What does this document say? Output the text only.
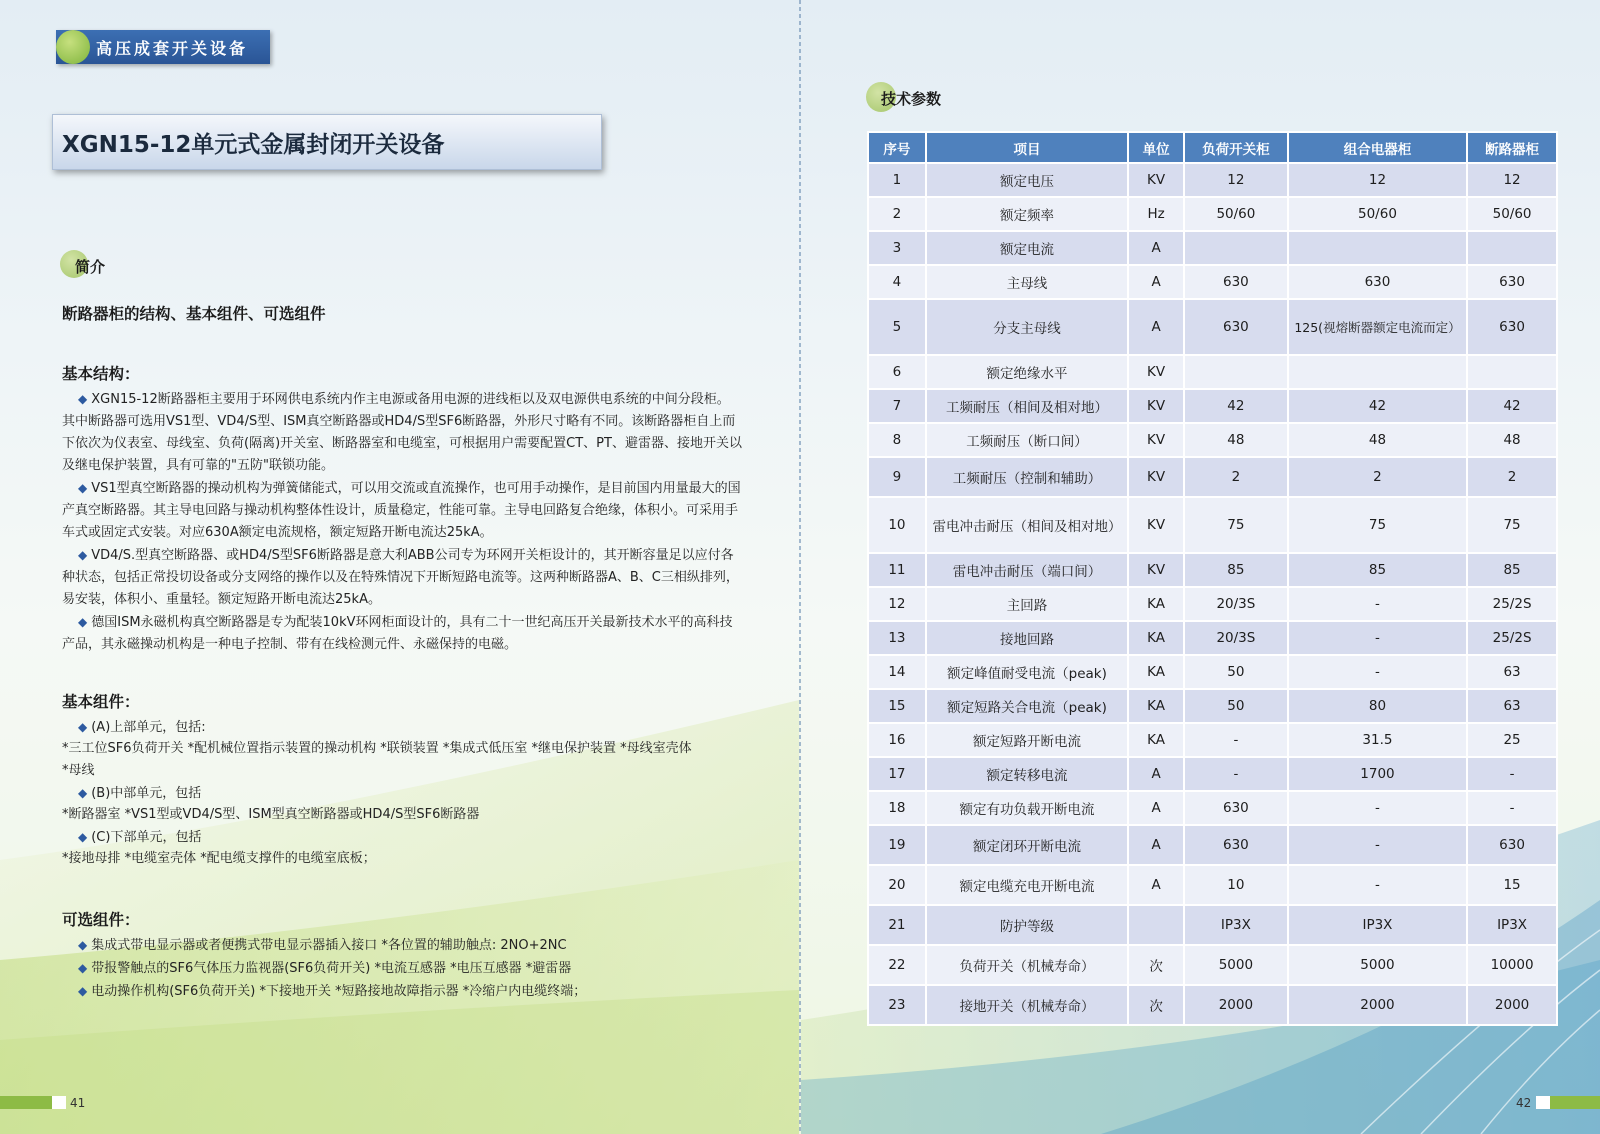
高压成套开关设备
XGN15-12单元式金属封闭开关设备
简介
断路器柜的结构、基本组件、可选组件
基本结构：

◆ XGN15-12断路器柜主要用于环网供电系统内作主电源或备用电源的进线柜以及双电源供电系统的中间分段柜。其中断路器可选用VS1型、VD4/S型、ISM真空断路器或HD4/S型SF6断路器，外形尺寸略有不同。该断路器柜自上而下依次为仪表室、母线室、负荷(隔离)开关室、断路器室和电缆室，可根据用户需要配置CT、PT、避雷器、接地开关以及继电保护装置，具有可靠的"五防"联锁功能。

◆ VS1型真空断路器的操动机构为弹簧储能式，可以用交流或直流操作，也可用手动操作，是目前国内用量最大的国产真空断路器。其主导电回路与操动机构整体性设计，质量稳定，性能可靠。主导电回路复合绝缘，体积小。可采用手车式或固定式安装。对应630A额定电流规格，额定短路开断电流达25kA。

◆ VD4/S.型真空断路器、或HD4/S型SF6断路器是意大利ABB公司专为环网开关柜设计的，其开断容量足以应付各种状态，包括正常投切设备或分支网络的操作以及在特殊情况下开断短路电流等。这两种断路器A、B、C三相纵排列，易安装，体积小、重量轻。额定短路开断电流达25kA。

◆ 德国ISM永磁机构真空断路器是专为配装10kV环网柜面设计的，具有二十一世纪高压开关最新技术水平的高科技产品，其永磁操动机构是一种电子控制、带有在线检测元件、永磁保持的电磁。

基本组件：
◆ (A)上部单元，包括:
*三工位SF6负荷开关 *配机械位置指示装置的操动机构 *联锁装置 *集成式低压室 *继电保护装置 *母线室壳体
*母线
◆ (B)中部单元，包括
*断路器室 *VS1型或VD4/S型、ISM型真空断路器或HD4/S型SF6断路器
◆ (C)下部单元，包括
*接地母排 *电缆室壳体 *配电缆支撑件的电缆室底板；
可选组件：
◆ 集成式带电显示器或者便携式带电显示器插入接口 *各位置的辅助触点: 2NO+2NC
◆ 带报警触点的SF6气体压力监视器(SF6负荷开关) *电流互感器 *电压互感器 *避雷器
◆ 电动操作机构(SF6负荷开关) *下接地开关 *短路接地故障指示器 *冷缩户内电缆终端；
41
技术参数
42
序号	项目	单位	负荷开关柜	组合电器柜	断路器柜
1	额定电压	KV	12	12	12
2	额定频率	Hz	50/60	50/60	50/60
3	额定电流	A			
4	主母线	A	630	630	630
5	分支主母线	A	630	125(视熔断器额定电流而定）	630
6	额定绝缘水平	KV			
7	工频耐压（相间及相对地）	KV	42	42	42
8	工频耐压（断口间）	KV	48	48	48
9	工频耐压（控制和辅助）	KV	2	2	2
10	雷电冲击耐压（相间及相对地）	KV	75	75	75
11	雷电冲击耐压（端口间）	KV	85	85	85
12	主回路	KA	20/3S	-	25/2S
13	接地回路	KA	20/3S	-	25/2S
14	额定峰值耐受电流（peak)	KA	50	-	63
15	额定短路关合电流（peak)	KA	50	80	63
16	额定短路开断电流	KA	-	31.5	25
17	额定转移电流	A	-	1700	-
18	额定有功负载开断电流	A	630	-	-
19	额定闭环开断电流	A	630	-	630
20	额定电缆充电开断电流	A	10	-	15
21	防护等级		IP3X	IP3X	IP3X
22	负荷开关（机械寿命）	次	5000	5000	10000
23	接地开关（机械寿命）	次	2000	2000	2000
